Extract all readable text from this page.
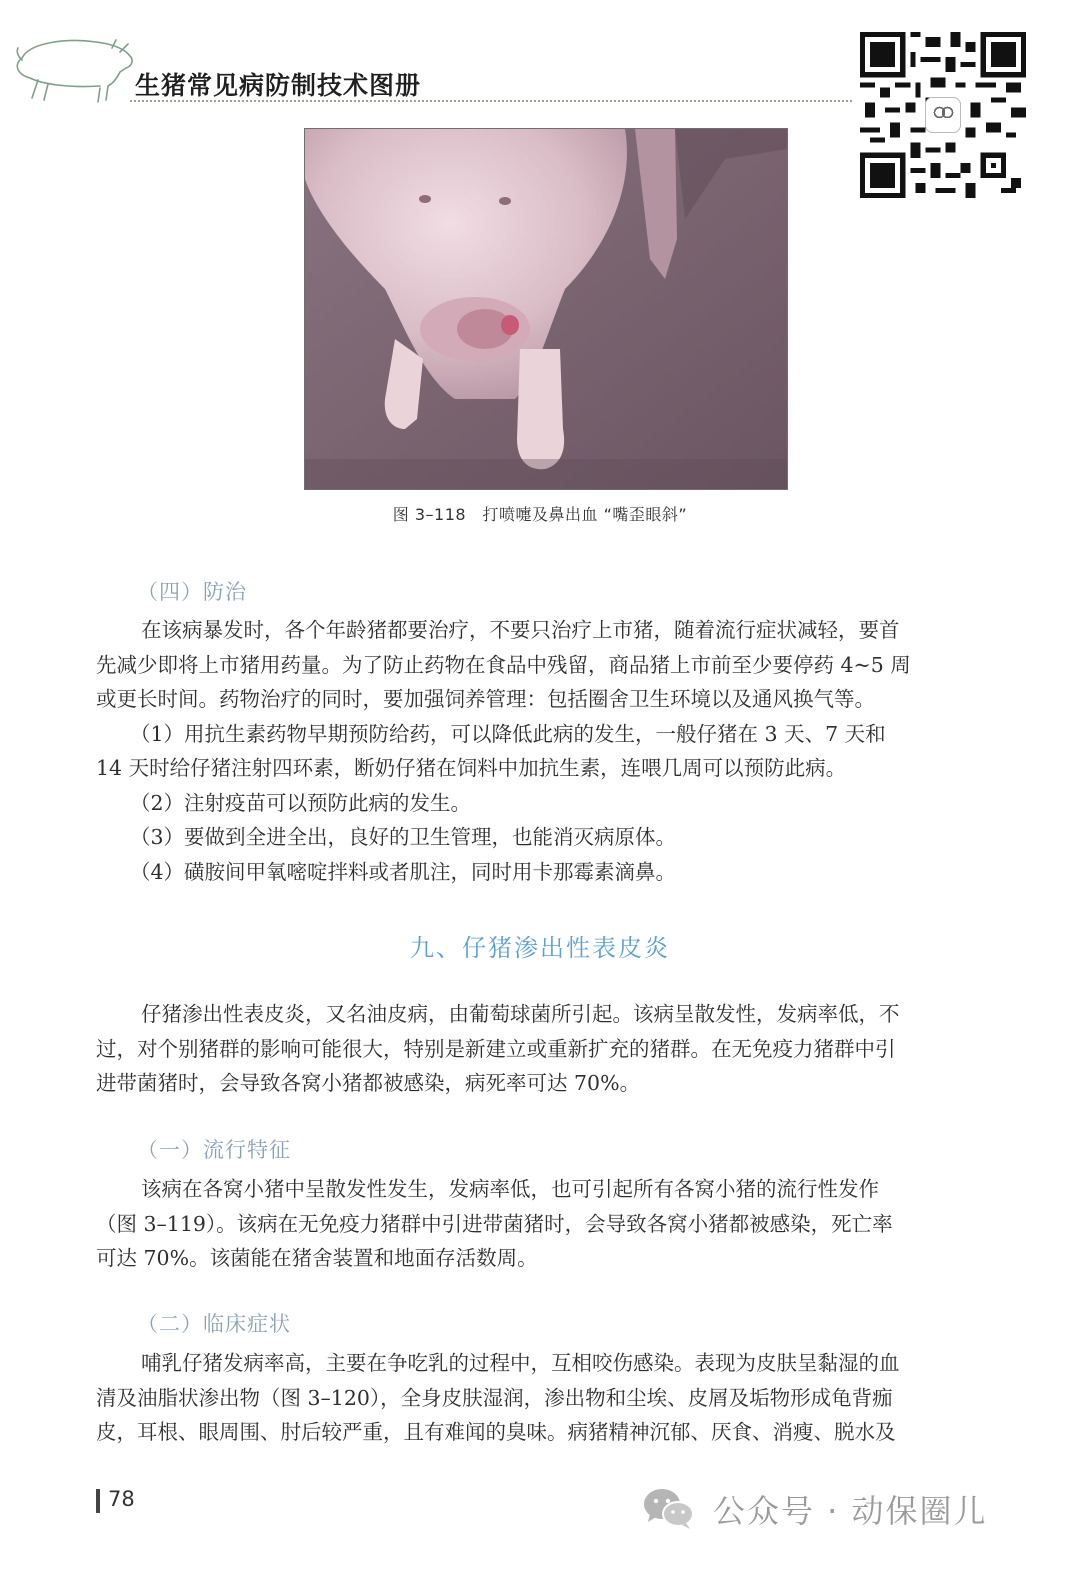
生猪常见病防制技术图册
图 3–118　打喷嚏及鼻出血 “嘴歪眼斜”
（四）防治
在该病暴发时，各个年龄猪都要治疗，不要只治疗上市猪，随着流行症状减轻，要首
先减少即将上市猪用药量。为了防止药物在食品中残留，商品猪上市前至少要停药 4~5 周
或更长时间。药物治疗的同时，要加强饲养管理：包括圈舍卫生环境以及通风换气等。
（1）用抗生素药物早期预防给药，可以降低此病的发生，一般仔猪在 3 天、7 天和
14 天时给仔猪注射四环素，断奶仔猪在饲料中加抗生素，连喂几周可以预防此病。
（2）注射疫苗可以预防此病的发生。
（3）要做到全进全出，良好的卫生管理，也能消灭病原体。
（4）磺胺间甲氧嘧啶拌料或者肌注，同时用卡那霉素滴鼻。
九、仔猪渗出性表皮炎
仔猪渗出性表皮炎，又名油皮病，由葡萄球菌所引起。该病呈散发性，发病率低，不
过，对个别猪群的影响可能很大，特别是新建立或重新扩充的猪群。在无免疫力猪群中引
进带菌猪时，会导致各窝小猪都被感染，病死率可达 70%。
（一）流行特征
该病在各窝小猪中呈散发性发生，发病率低，也可引起所有各窝小猪的流行性发作
（图 3–119）。该病在无免疫力猪群中引进带菌猪时，会导致各窝小猪都被感染，死亡率
可达 70%。该菌能在猪舍装置和地面存活数周。
（二）临床症状
哺乳仔猪发病率高，主要在争吃乳的过程中，互相咬伤感染。表现为皮肤呈黏湿的血
清及油脂状渗出物（图 3–120），全身皮肤湿润，渗出物和尘埃、皮屑及垢物形成龟背痂
皮，耳根、眼周围、肘后较严重，且有难闻的臭味。病猪精神沉郁、厌食、消瘦、脱水及
78	公众号 · 动保圈儿
